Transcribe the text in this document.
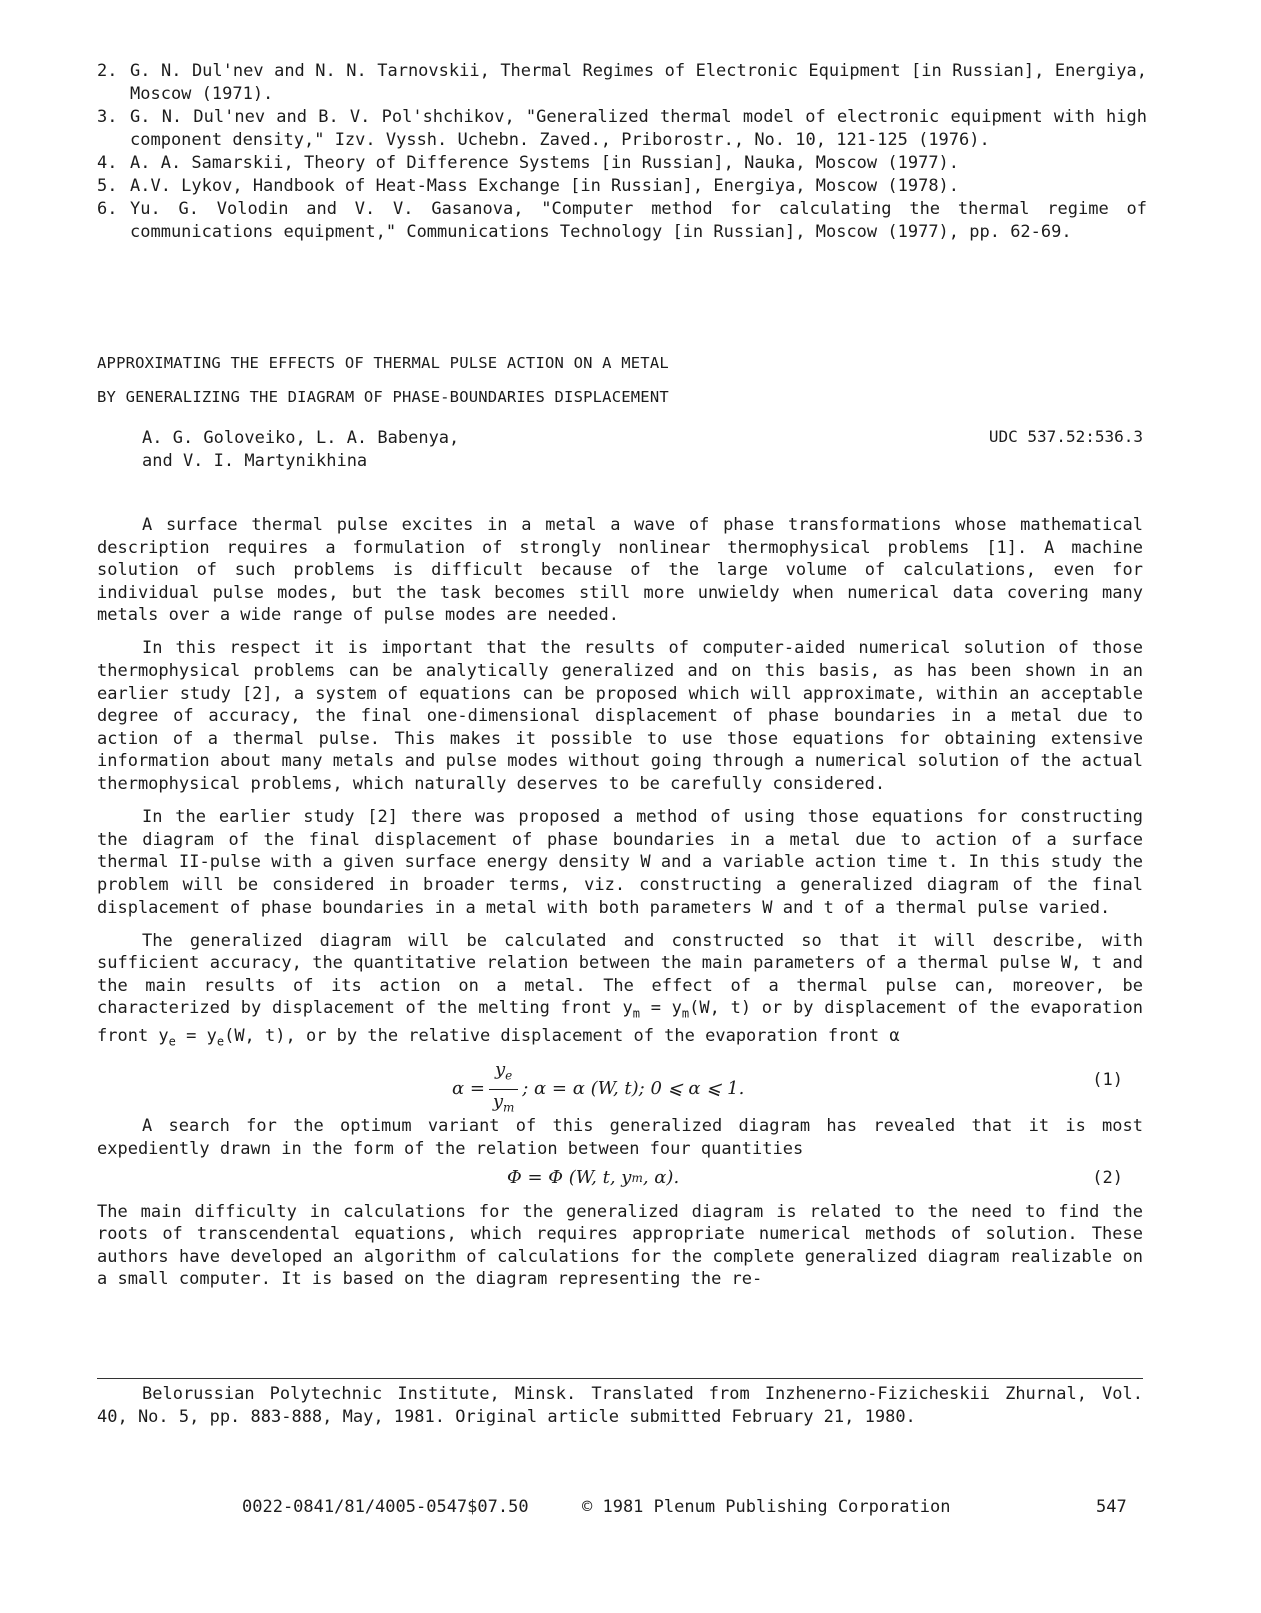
2. G. N. Dul'nev and N. N. Tarnovskii, Thermal Regimes of Electronic Equipment [in Russian], Energiya, Moscow (1971).
3. G. N. Dul'nev and B. V. Pol'shchikov, "Generalized thermal model of electronic equipment with high component density," Izv. Vyssh. Uchebn. Zaved., Priborostr., No. 10, 121-125 (1976).
4. A. A. Samarskii, Theory of Difference Systems [in Russian], Nauka, Moscow (1977).
5. A.V. Lykov, Handbook of Heat-Mass Exchange [in Russian], Energiya, Moscow (1978).
6. Yu. G. Volodin and V. V. Gasanova, "Computer method for calculating the thermal regime of communications equipment," Communications Technology [in Russian], Moscow (1977), pp. 62-69.
APPROXIMATING THE EFFECTS OF THERMAL PULSE ACTION ON A METAL
BY GENERALIZING THE DIAGRAM OF PHASE-BOUNDARIES DISPLACEMENT
A. G. Goloveiko, L. A. Babenya,
and V. I. Martynikhina
UDC 537.52:536.3

A surface thermal pulse excites in a metal a wave of phase transformations whose mathematical description requires a formulation of strongly nonlinear thermophysical problems [1]. A machine solution of such problems is difficult because of the large volume of calculations, even for individual pulse modes, but the task becomes still more unwieldy when numerical data covering many metals over a wide range of pulse modes are needed.

In this respect it is important that the results of computer-aided numerical solution of those thermophysical problems can be analytically generalized and on this basis, as has been shown in an earlier study [2], a system of equations can be proposed which will approximate, within an acceptable degree of accuracy, the final one-dimensional displacement of phase boundaries in a metal due to action of a thermal pulse. This makes it possible to use those equations for obtaining extensive information about many metals and pulse modes without going through a numerical solution of the actual thermophysical problems, which naturally deserves to be carefully considered.

In the earlier study [2] there was proposed a method of using those equations for constructing the diagram of the final displacement of phase boundaries in a metal due to action of a surface thermal II-pulse with a given surface energy density W and a variable action time t. In this study the problem will be considered in broader terms, viz. constructing a generalized diagram of the final displacement of phase boundaries in a metal with both parameters W and t of a thermal pulse varied.

The generalized diagram will be calculated and constructed so that it will describe, with sufficient accuracy, the quantitative relation between the main parameters of a thermal pulse W, t and the main results of its action on a metal. The effect of a thermal pulse can, moreover, be characterized by displacement of the melting front $y_m = y_m(W$, t) or by displacement of the evaporation front $y_e = y_e(W$, t), or by the relative displacement of the evaporation front α

$\alpha = \frac{y_e}{y_m}$ ; α = α (W, t); 0 ⩽ α ⩽ 1.	(1)

A search for the optimum variant of this generalized diagram has revealed that it is most expediently drawn in the form of the relation between four quantities

Φ = Φ (W, t, y m , α).	(2)

The main difficulty in calculations for the generalized diagram is related to the need to find the roots of transcendental equations, which requires appropriate numerical methods of solution. These authors have developed an algorithm of calculations for the complete generalized diagram realizable on a small computer. It is based on the diagram representing the re-

Belorussian Polytechnic Institute, Minsk. Translated from Inzhenerno-Fizicheskii Zhurnal, Vol. 40, No. 5, pp. 883-888, May, 1981. Original article submitted February 21, 1980.

0022-0841/81/4005-0547$07.50	© 1981 Plenum Publishing Corporation	547
